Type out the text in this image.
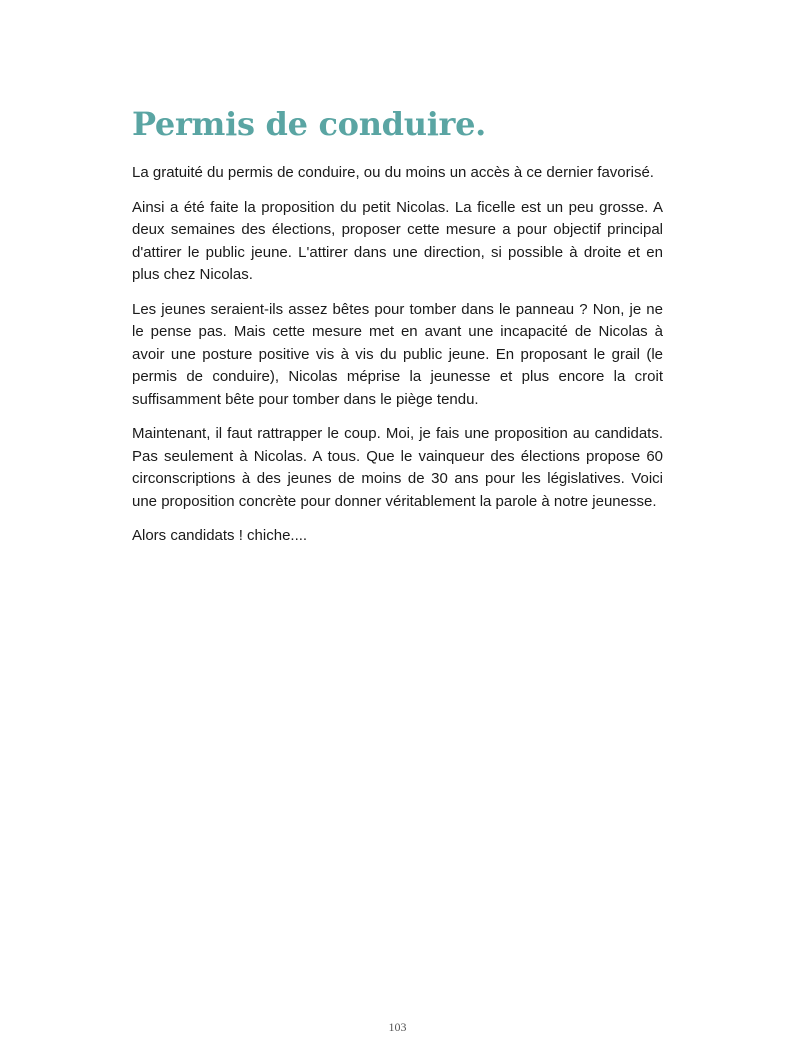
Permis de conduire.

La gratuité du permis de conduire, ou du moins un accès à ce dernier favorisé.

Ainsi a été faite la proposition du petit Nicolas. La ficelle est un peu grosse. A deux semaines des élections, proposer cette mesure a pour objectif principal d'attirer le public jeune. L'attirer dans une direction, si possible à droite et en plus chez Nicolas.

Les jeunes seraient-ils assez bêtes pour tomber dans le panneau ? Non, je ne le pense pas. Mais cette mesure met en avant une incapacité de Nicolas à avoir une posture positive vis à vis du public jeune. En proposant le grail (le permis de conduire), Nicolas méprise la jeunesse et plus encore la croit suffisamment bête pour tomber dans le piège tendu.

Maintenant, il faut rattrapper le coup. Moi, je fais une proposition au candidats. Pas seulement à Nicolas. A tous. Que le vainqueur des élections propose 60 circonscriptions à des jeunes de moins de 30 ans pour les législatives. Voici une proposition concrète pour donner véritablement la parole à notre jeunesse.

Alors candidats ! chiche....

103
